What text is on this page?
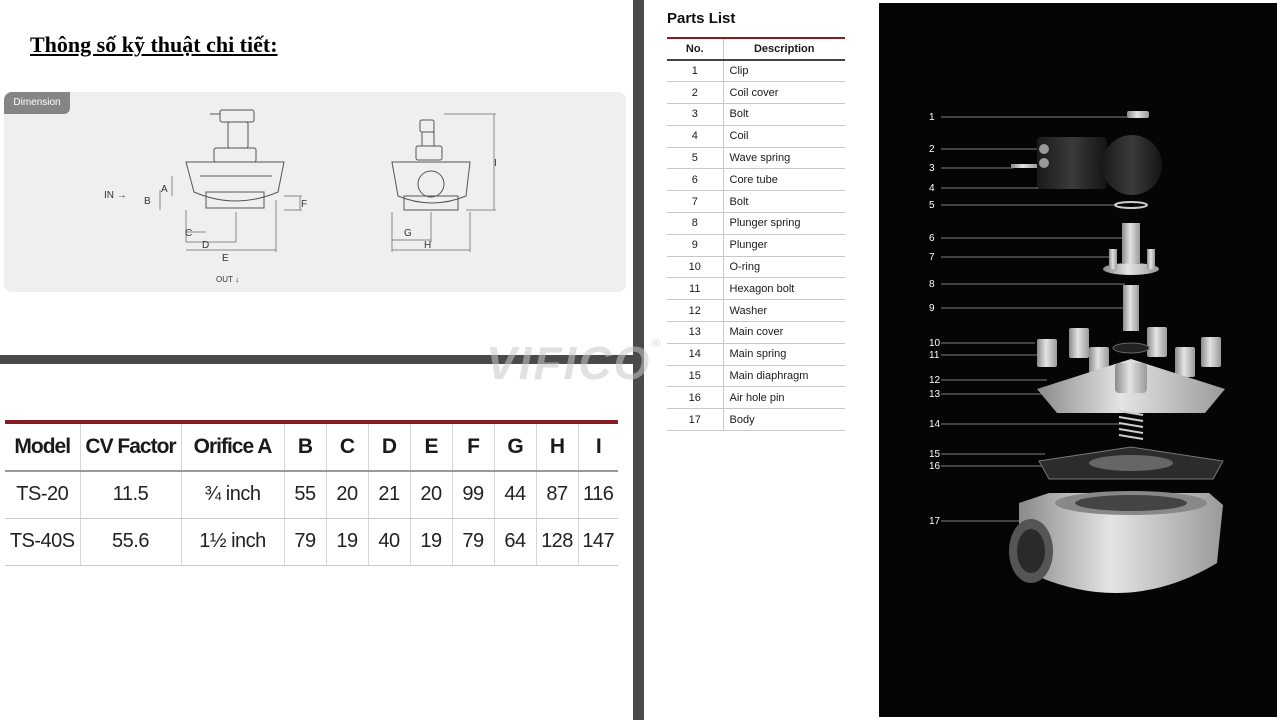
Thông số kỹ thuật chi tiết:
IN →
A
B
C
D
E
F
G
H
I
OUT ↓
Dimension
VIFICO®
Model	CV Factor	Orifice A	B	C	D	E	F	G	H	I
TS-20	11.5	¾ inch	55	20	21	20	99	44	87	116
TS-40S	55.6	1½ inch	79	19	40	19	79	64	128	147
Parts List
No.	Description
1	Clip
2	Coil cover
3	Bolt
4	Coil
5	Wave spring
6	Core tube
7	Bolt
8	Plunger spring
9	Plunger
10	O-ring
11	Hexagon bolt
12	Washer
13	Main cover
14	Main spring
15	Main diaphragm
16	Air hole pin
17	Body
1
2
3
4
5
6
7
8
9
10
11
12
13
14
15
16
17
